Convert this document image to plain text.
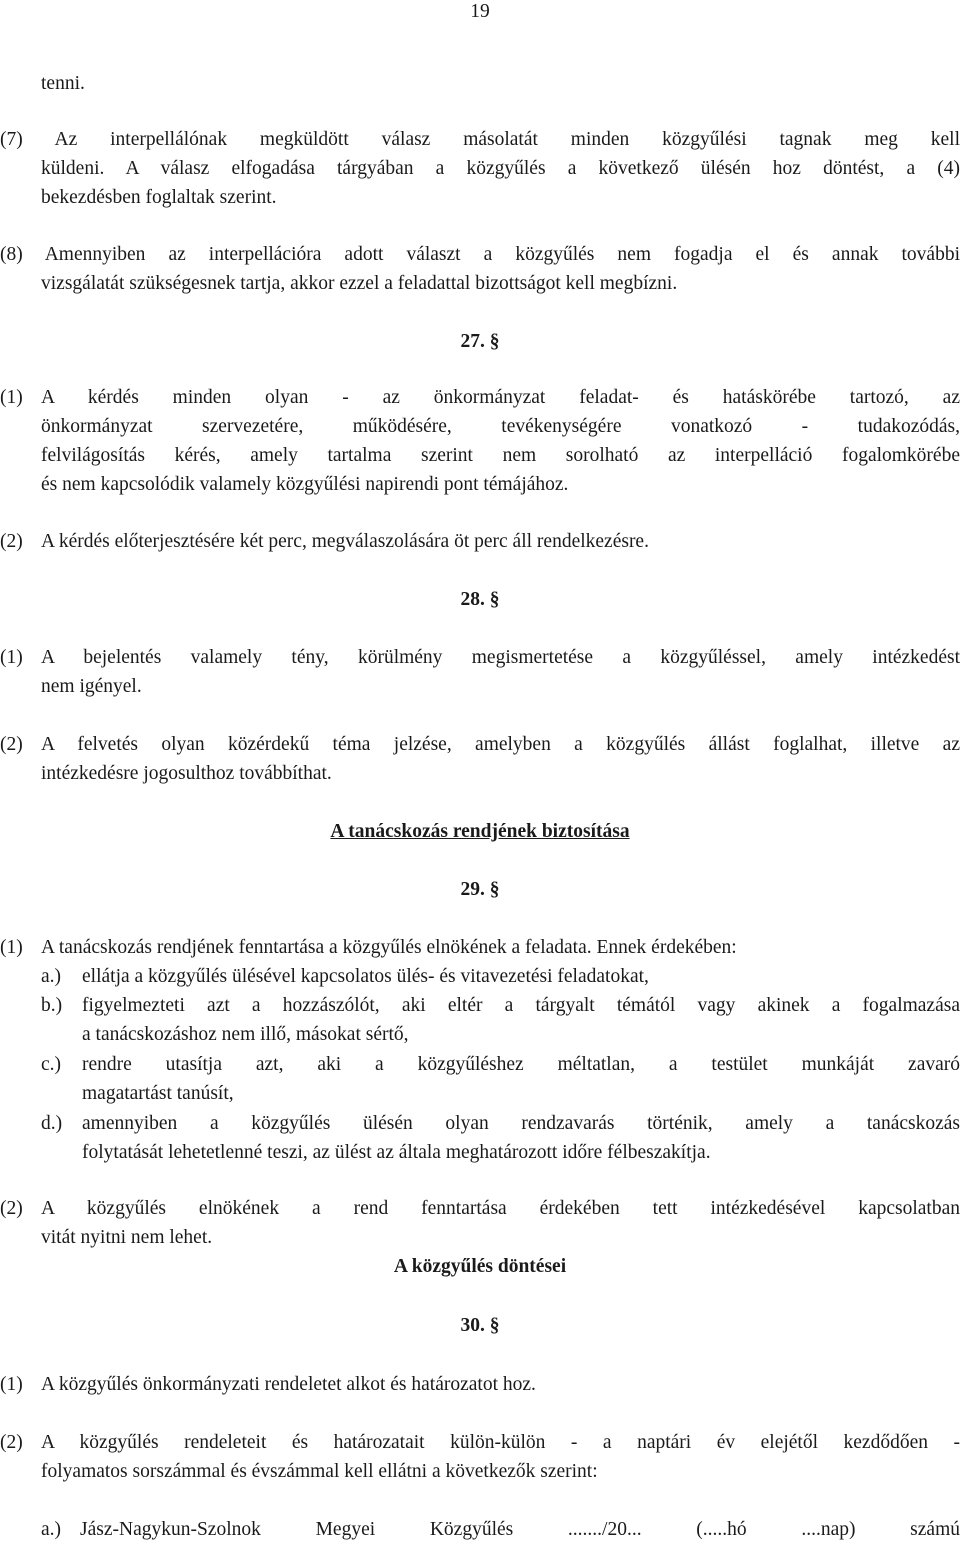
19
tenni.
(7) Az interpellálónak megküldött válasz másolatát minden közgyűlési tagnak meg kell
küldeni. A válasz elfogadása tárgyában a közgyűlés a következő ülésén hoz döntést, a (4)
bekezdésben foglaltak szerint.
(8) Amennyiben az interpellációra adott választ a közgyűlés nem fogadja el és annak további
vizsgálatát szükségesnek tartja, akkor ezzel a feladattal bizottságot kell megbízni.
27. §
(1) A kérdés minden olyan - az önkormányzat feladat- és hatáskörébe tartozó, az
önkormányzat szervezetére, működésére, tevékenységére vonatkozó - tudakozódás,
felvilágosítás kérés, amely tartalma szerint nem sorolható az interpelláció fogalomkörébe
és nem kapcsolódik valamely közgyűlési napirendi pont témájához.
(2) A kérdés előterjesztésére két perc, megválaszolására öt perc áll rendelkezésre.
28. §
(1) A bejelentés valamely tény, körülmény megismertetése a közgyűléssel, amely intézkedést
nem igényel.
(2) A felvetés olyan közérdekű téma jelzése, amelyben a közgyűlés állást foglalhat, illetve az
intézkedésre jogosulthoz továbbíthat.
A tanácskozás rendjének biztosítása
29. §
(1) A tanácskozás rendjének fenntartása a közgyűlés elnökének a feladata. Ennek érdekében:
a.)	ellátja a közgyűlés ülésével kapcsolatos ülés- és vitavezetési feladatokat,
b.)	figyelmezteti azt a hozzászólót, aki eltér a tárgyalt témától vagy akinek a fogalmazása
a tanácskozáshoz nem illő, másokat sértő,
c.)	rendre utasítja azt, aki a közgyűléshez méltatlan, a testület munkáját zavaró
magatartást tanúsít,
d.)	amennyiben a közgyűlés ülésén olyan rendzavarás történik, amely a tanácskozás
folytatását lehetetlenné teszi, az ülést az általa meghatározott időre félbeszakítja.
(2) A közgyűlés elnökének a rend fenntartása érdekében tett intézkedésével kapcsolatban
vitát nyitni nem lehet.
A közgyűlés döntései
30. §
(1) A közgyűlés önkormányzati rendeletet alkot és határozatot hoz.
(2) A közgyűlés rendeleteit és határozatait külön-külön - a naptári év elejétől kezdődően -
folyamatos sorszámmal és évszámmal kell ellátni a következők szerint:
a.) Jász-Nagykun-Szolnok Megyei Közgyűlés ......./20... (.....hó ....nap) számú
